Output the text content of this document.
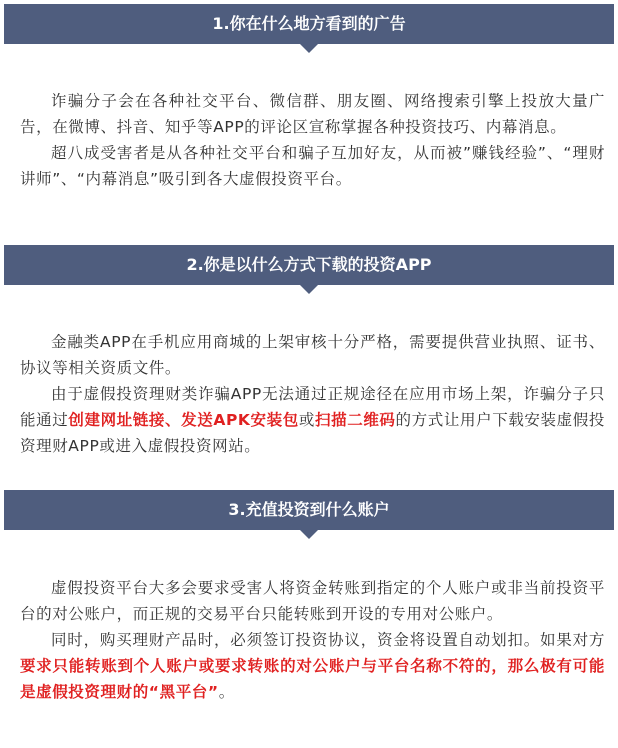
1.你在什么地方看到的广告

诈骗分子会在各种社交平台、微信群、朋友圈、网络搜索引擎上投放大量广告，在微博、抖音、知乎等APP的评论区宣称掌握各种投资技巧、内幕消息。

超八成受害者是从各种社交平台和骗子互加好友，从而被”赚钱经验”、“理财讲师”、“内幕消息”吸引到各大虚假投资平台。

2.你是以什么方式下载的投资APP

金融类APP在手机应用商城的上架审核十分严格，需要提供营业执照、证书、协议等相关资质文件。

由于虚假投资理财类诈骗APP无法通过正规途径在应用市场上架，诈骗分子只能通过创建网址链接、发送APK安装包或扫描二维码的方式让用户下载安装虚假投资理财APP或进入虚假投资网站。

3.充值投资到什么账户

虚假投资平台大多会要求受害人将资金转账到指定的个人账户或非当前投资平台的对公账户，而正规的交易平台只能转账到开设的专用对公账户。

同时，购买理财产品时，必须签订投资协议，资金将设置自动划扣。如果对方要求只能转账到个人账户或要求转账的对公账户与平台名称不符的，那么极有可能是虚假投资理财的“黑平台”。
